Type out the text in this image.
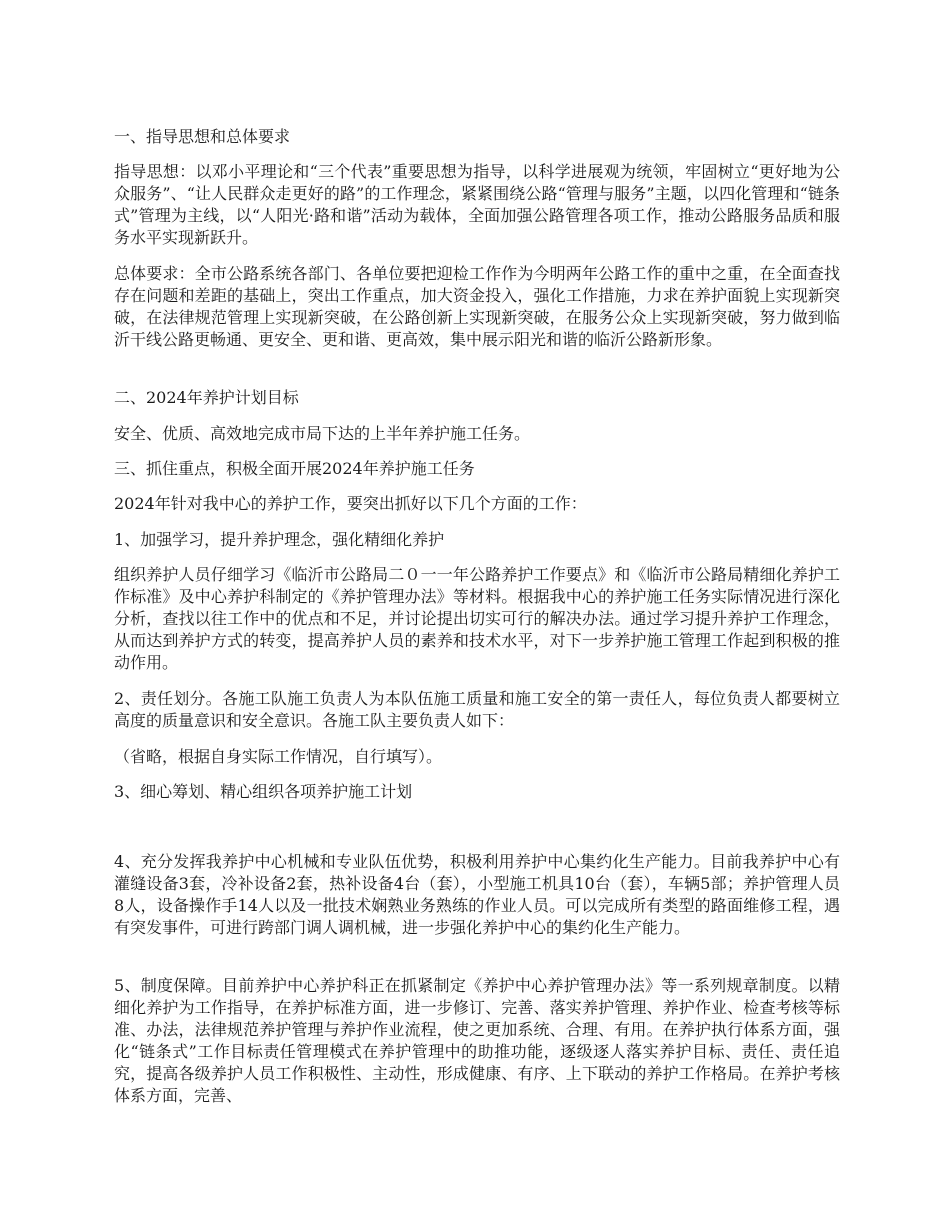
一、指导思想和总体要求

指导思想：以邓小平理论和“三个代表”重要思想为指导，以科学进展观为统领，牢固树立“更好地为公众服务”、“让人民群众走更好的路”的工作理念，紧紧围绕公路“管理与服务”主题，以四化管理和“链条式”管理为主线，以“人阳光·路和谐”活动为载体，全面加强公路管理各项工作，推动公路服务品质和服务水平实现新跃升。

总体要求：全市公路系统各部门、各单位要把迎检工作作为今明两年公路工作的重中之重，在全面查找存在问题和差距的基础上，突出工作重点，加大资金投入，强化工作措施，力求在养护面貌上实现新突破，在法律规范管理上实现新突破，在公路创新上实现新突破，在服务公众上实现新突破，努力做到临沂干线公路更畅通、更安全、更和谐、更高效，集中展示阳光和谐的临沂公路新形象。

二、2024年养护计划目标

安全、优质、高效地完成市局下达的上半年养护施工任务。

三、抓住重点，积极全面开展2024年养护施工任务

2024年针对我中心的养护工作，要突出抓好以下几个方面的工作：

1、加强学习，提升养护理念，强化精细化养护

组织养护人员仔细学习《临沂市公路局二０一一年公路养护工作要点》和《临沂市公路局精细化养护工作标准》及中心养护科制定的《养护管理办法》等材料。根据我中心的养护施工任务实际情况进行深化分析，查找以往工作中的优点和不足，并讨论提出切实可行的解决办法。通过学习提升养护工作理念，从而达到养护方式的转变，提高养护人员的素养和技术水平，对下一步养护施工管理工作起到积极的推动作用。

2、责任划分。各施工队施工负责人为本队伍施工质量和施工安全的第一责任人，每位负责人都要树立高度的质量意识和安全意识。各施工队主要负责人如下：

（省略，根据自身实际工作情况，自行填写）。

3、细心筹划、精心组织各项养护施工计划

4、充分发挥我养护中心机械和专业队伍优势，积极利用养护中心集约化生产能力。目前我养护中心有灌缝设备3套，冷补设备2套，热补设备4台（套），小型施工机具10台（套），车辆5部；养护管理人员8人，设备操作手14人以及一批技术娴熟业务熟练的作业人员。可以完成所有类型的路面维修工程，遇有突发事件，可进行跨部门调人调机械，进一步强化养护中心的集约化生产能力。

5、制度保障。目前养护中心养护科正在抓紧制定《养护中心养护管理办法》等一系列规章制度。以精细化养护为工作指导，在养护标准方面，进一步修订、完善、落实养护管理、养护作业、检查考核等标准、办法，法律规范养护管理与养护作业流程，使之更加系统、合理、有用。在养护执行体系方面，强化“链条式”工作目标责任管理模式在养护管理中的助推功能，逐级逐人落实养护目标、责任、责任追究，提高各级养护人员工作积极性、主动性，形成健康、有序、上下联动的养护工作格局。在养护考核体系方面，完善、
